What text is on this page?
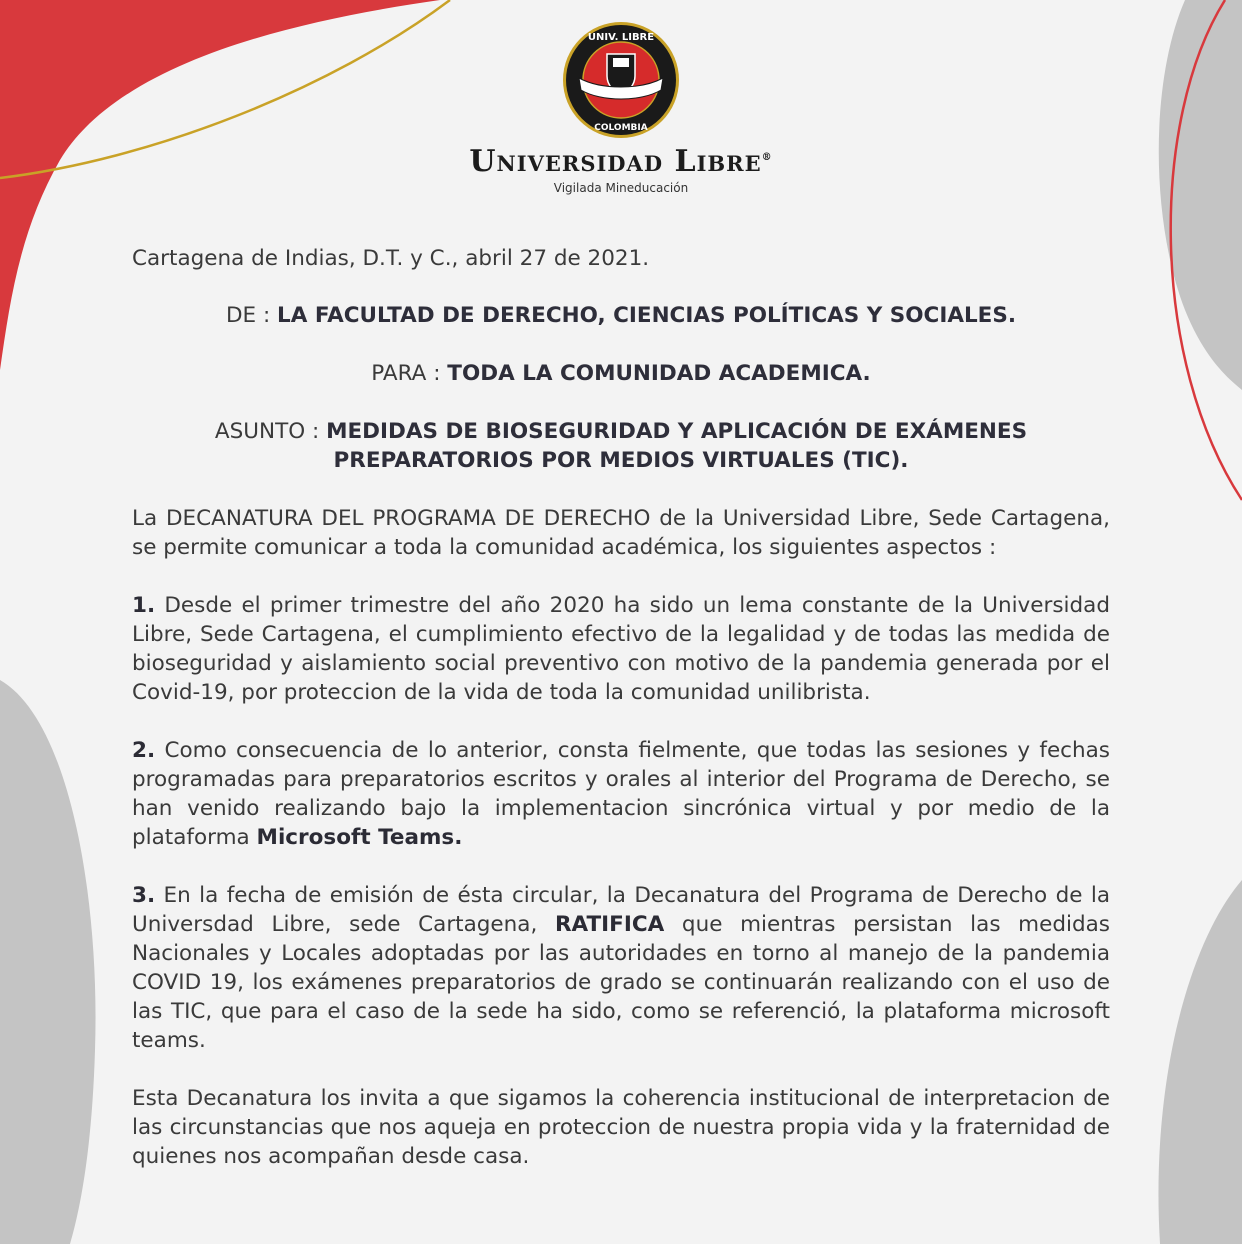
UNIV. LIBRE
COLOMBIA
Universidad Libre®
Vigilada Mineducación

Cartagena de Indias, D.T. y C., abril 27 de 2021.

DE : LA FACULTAD DE DERECHO, CIENCIAS POLÍTICAS Y SOCIALES.

PARA : TODA LA COMUNIDAD ACADEMICA.

ASUNTO : MEDIDAS DE BIOSEGURIDAD Y APLICACIÓN DE EXÁMENES
PREPARATORIOS POR MEDIOS VIRTUALES (TIC).

La DECANATURA DEL PROGRAMA DE DERECHO de la Universidad Libre, Sede Cartagena, se permite comunicar a toda la comunidad académica, los siguientes aspectos :

1. Desde el primer trimestre del año 2020 ha sido un lema constante de la Universidad Libre, Sede Cartagena, el cumplimiento efectivo de la legalidad y de todas las medida de bioseguridad y aislamiento social preventivo con motivo de la pandemia generada por el Covid-19, por proteccion de la vida de toda la comunidad unilibrista.

2. Como consecuencia de lo anterior, consta fielmente, que todas las sesiones y fechas programadas para preparatorios escritos y orales al interior del Programa de Derecho, se han venido realizando bajo la implementacion sincrónica virtual y por medio de la plataforma Microsoft Teams.

3. En la fecha de emisión de ésta circular, la Decanatura del Programa de Derecho de la Universdad Libre, sede Cartagena, RATIFICA que mientras persistan las medidas Nacionales y Locales adoptadas por las autoridades en torno al manejo de la pandemia COVID 19, los exámenes preparatorios de grado se continuarán realizando con el uso de las TIC, que para el caso de la sede ha sido, como se referenció, la plataforma microsoft teams.

Esta Decanatura los invita a que sigamos la coherencia institucional de interpretacion de las circunstancias que nos aqueja en proteccion de nuestra propia vida y la fraternidad de quienes nos acompañan desde casa.
